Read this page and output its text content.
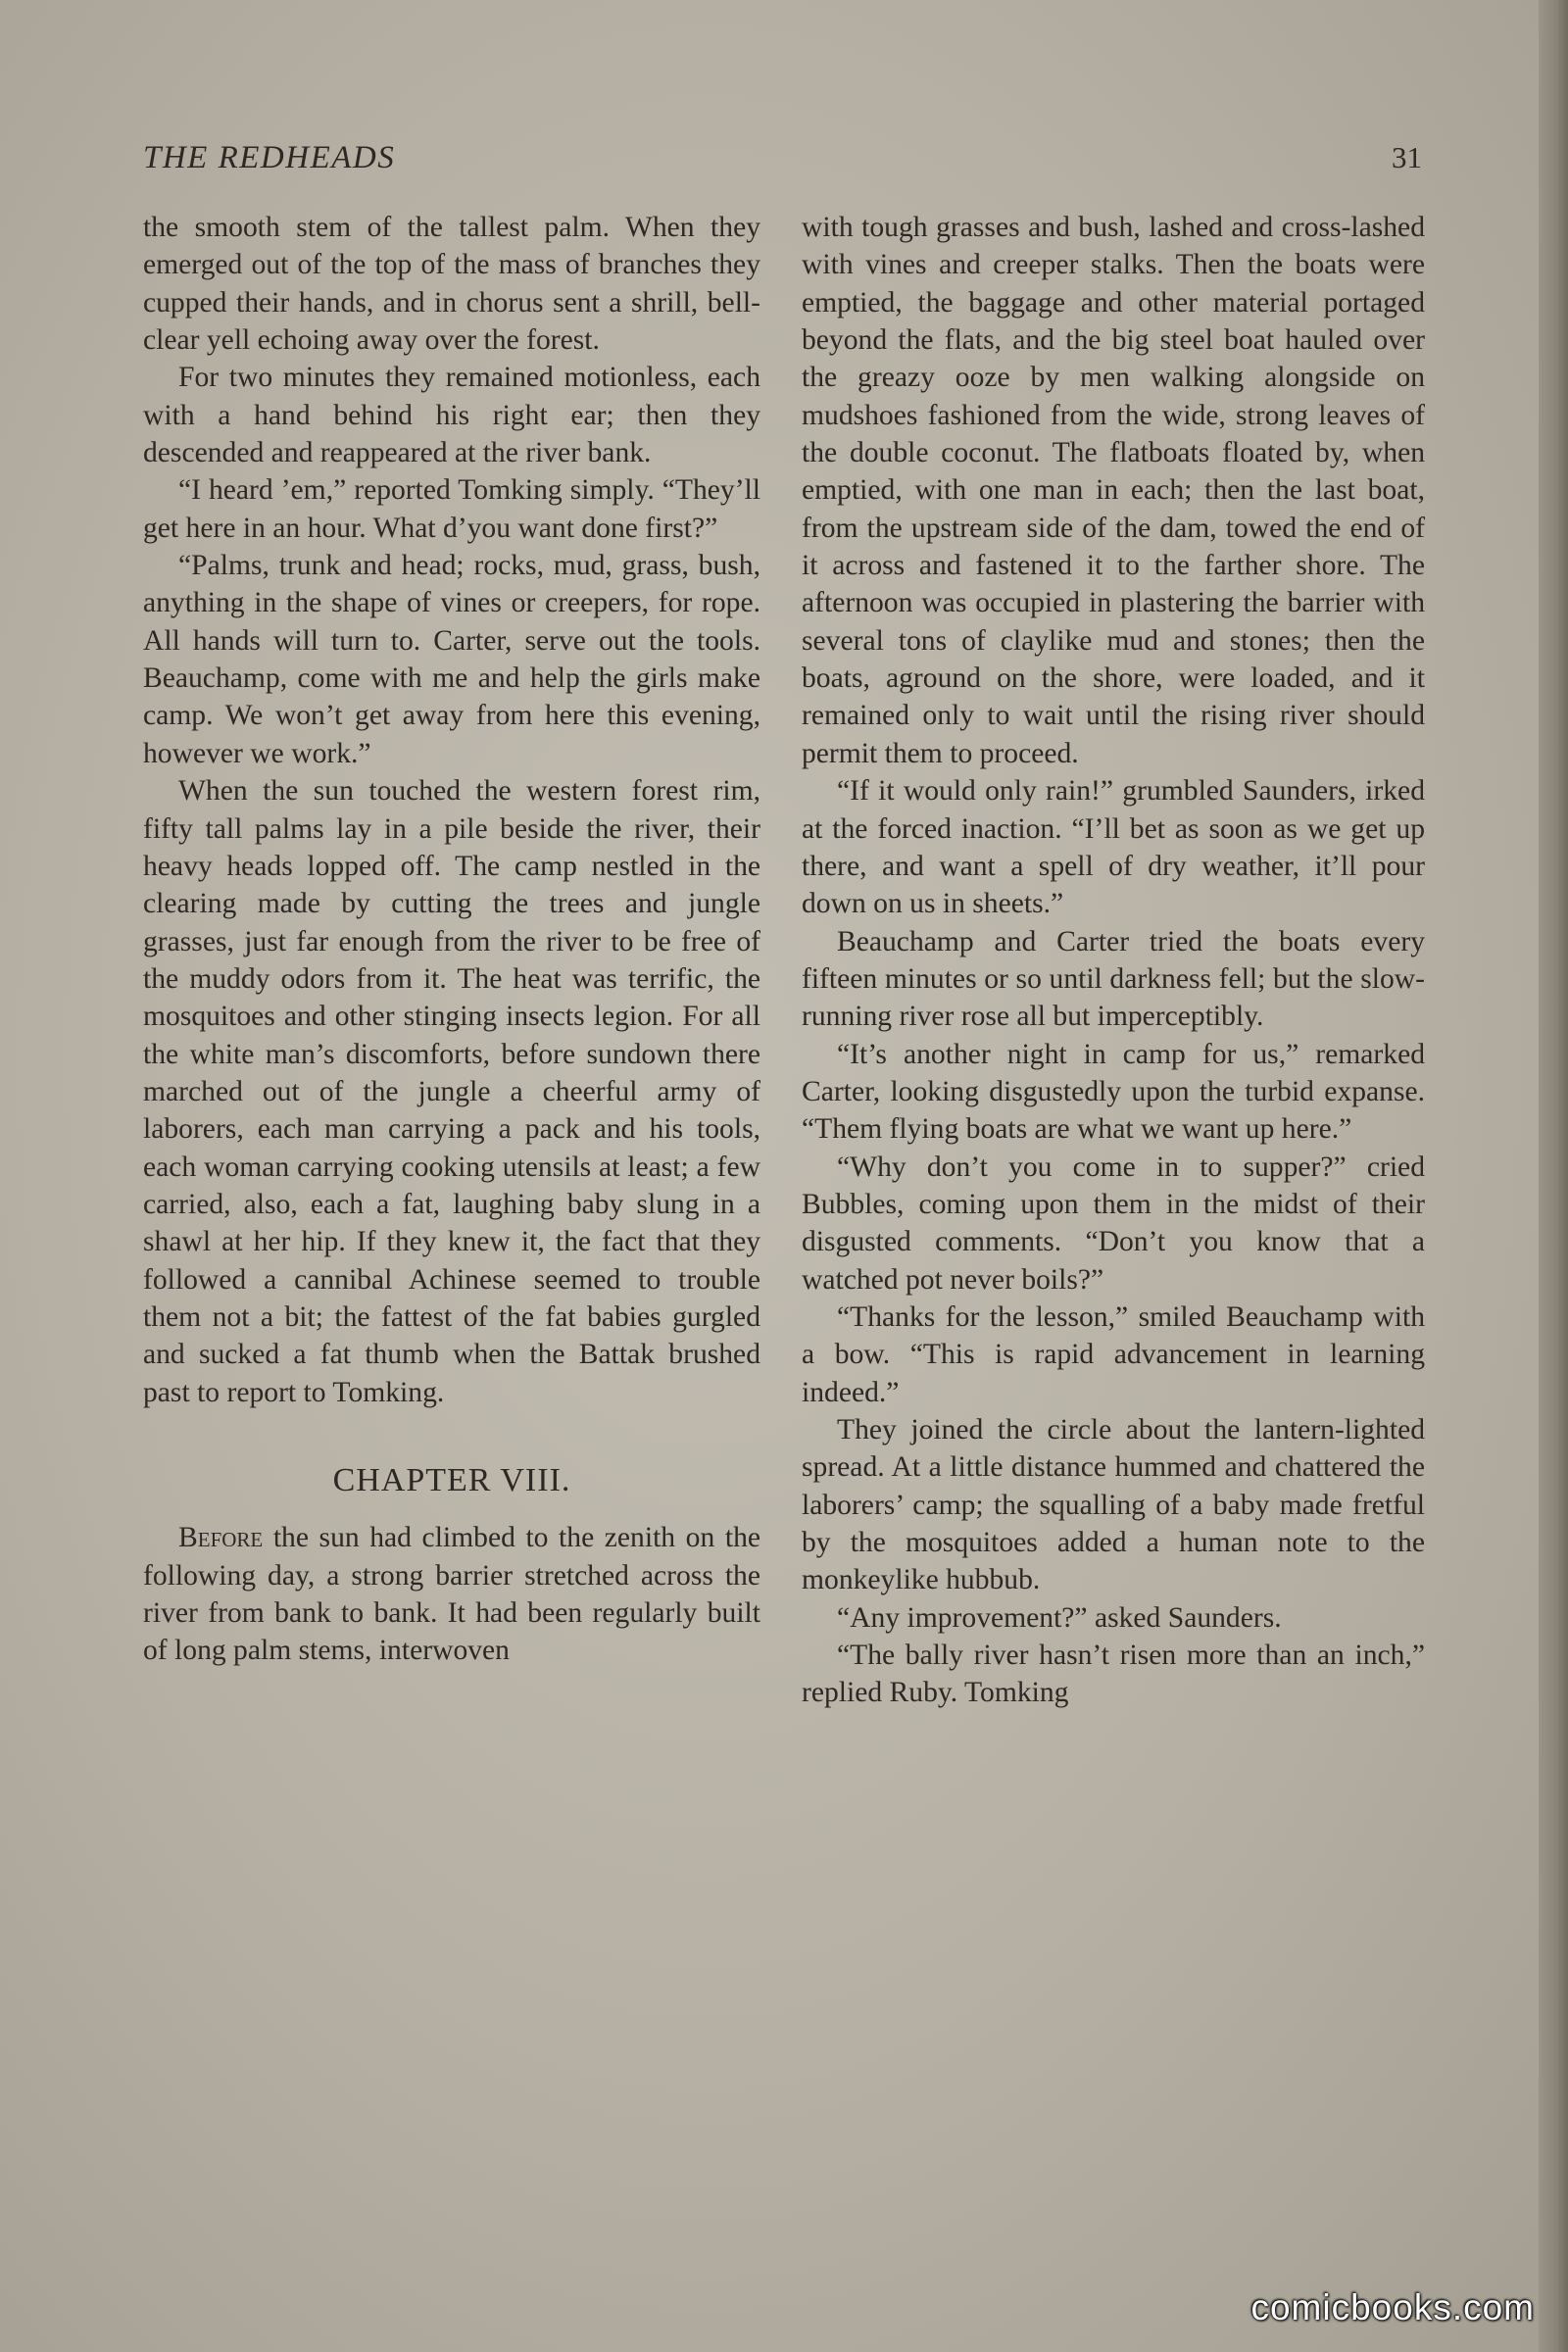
THE REDHEADS	31

the smooth stem of the tallest palm. When they emerged out of the top of the mass of branches they cupped their hands, and in chorus sent a shrill, bell-clear yell echoing away over the forest.

For two minutes they remained motionless, each with a hand behind his right ear; then they descended and reappeared at the river bank.

“I heard ’em,” reported Tomking simply. “They’ll get here in an hour. What d’you want done first?”

“Palms, trunk and head; rocks, mud, grass, bush, anything in the shape of vines or creepers, for rope. All hands will turn to. Carter, serve out the tools. Beauchamp, come with me and help the girls make camp. We won’t get away from here this evening, however we work.”

When the sun touched the western forest rim, fifty tall palms lay in a pile beside the river, their heavy heads lopped off. The camp nestled in the clearing made by cutting the trees and jungle grasses, just far enough from the river to be free of the muddy odors from it. The heat was terrific, the mosquitoes and other stinging insects legion. For all the white man’s discomforts, before sundown there marched out of the jungle a cheerful army of laborers, each man carrying a pack and his tools, each woman carrying cooking utensils at least; a few carried, also, each a fat, laughing baby slung in a shawl at her hip. If they knew it, the fact that they followed a cannibal Achinese seemed to trouble them not a bit; the fattest of the fat babies gurgled and sucked a fat thumb when the Battak brushed past to report to Tomking.

CHAPTER VIII.

Before the sun had climbed to the zenith on the following day, a strong barrier stretched across the river from bank to bank. It had been regularly built of long palm stems, interwoven

with tough grasses and bush, lashed and cross-lashed with vines and creeper stalks. Then the boats were emptied, the baggage and other material portaged beyond the flats, and the big steel boat hauled over the greazy ooze by men walking alongside on mudshoes fashioned from the wide, strong leaves of the double coconut. The flatboats floated by, when emptied, with one man in each; then the last boat, from the upstream side of the dam, towed the end of it across and fastened it to the farther shore. The afternoon was occupied in plastering the barrier with several tons of claylike mud and stones; then the boats, aground on the shore, were loaded, and it remained only to wait until the rising river should permit them to proceed.

“If it would only rain!” grumbled Saunders, irked at the forced inaction. “I’ll bet as soon as we get up there, and want a spell of dry weather, it’ll pour down on us in sheets.”

Beauchamp and Carter tried the boats every fifteen minutes or so until darkness fell; but the slow-running river rose all but imperceptibly.

“It’s another night in camp for us,” remarked Carter, looking disgustedly upon the turbid expanse. “Them flying boats are what we want up here.”

“Why don’t you come in to supper?” cried Bubbles, coming upon them in the midst of their disgusted comments. “Don’t you know that a watched pot never boils?”

“Thanks for the lesson,” smiled Beauchamp with a bow. “This is rapid advancement in learning indeed.”

They joined the circle about the lantern-lighted spread. At a little distance hummed and chattered the laborers’ camp; the squalling of a baby made fretful by the mosquitoes added a human note to the monkeylike hubbub.

“Any improvement?” asked Saunders.

“The bally river hasn’t risen more than an inch,” replied Ruby. Tomking

comicbooks.com
